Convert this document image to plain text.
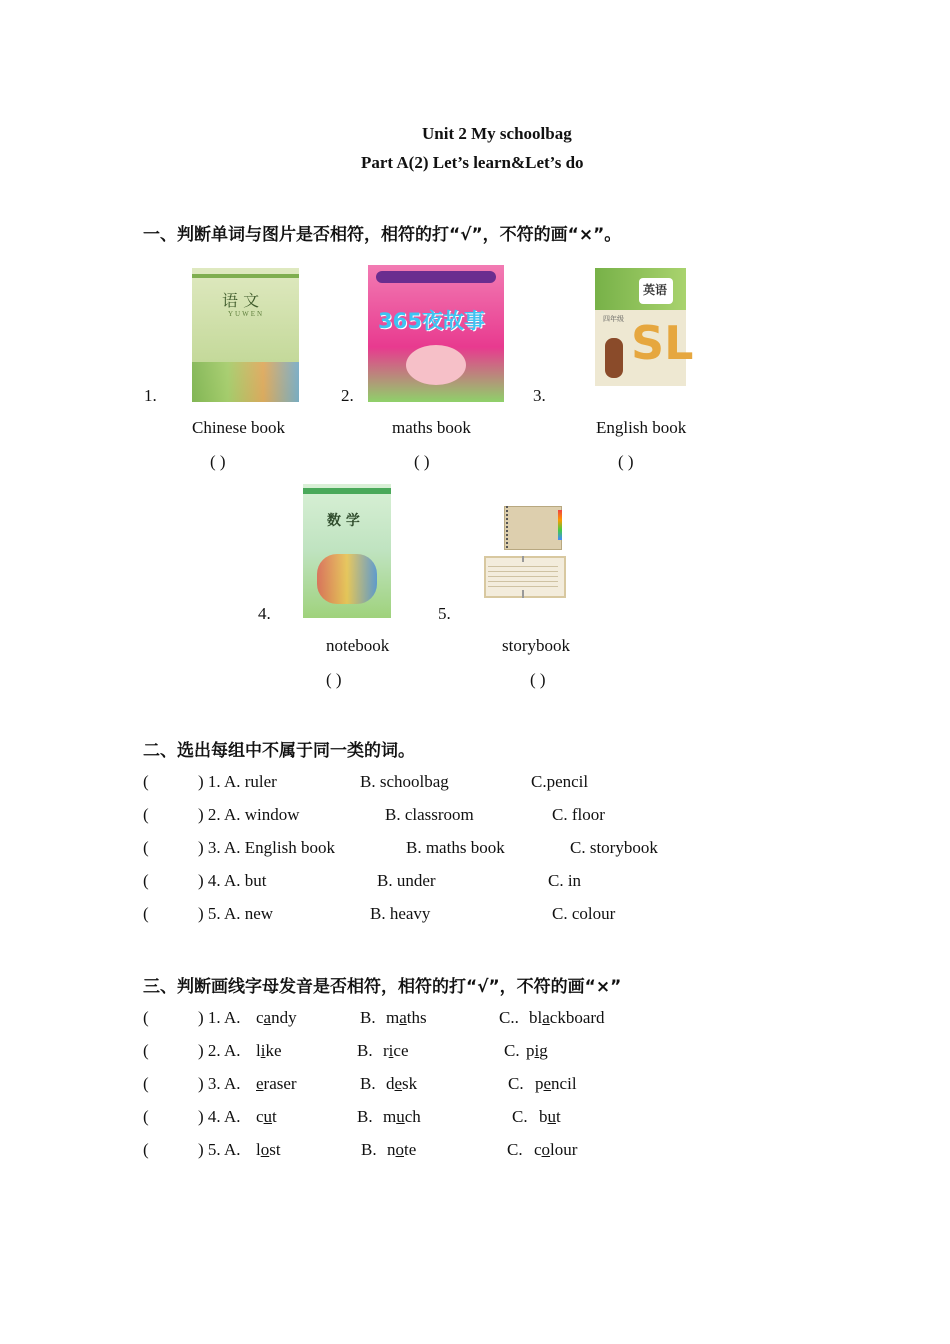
Unit 2 My schoolbag
Part A(2) Let’s learn&Let’s do
一、判断单词与图片是否相符，相符的打“√”，不符的画“×”。
语 文
YUWEN
1.
365夜故事
2.
英语
四年级 SL
3.
Chinese book	maths book	English book
( )	( )	( )
数 学
4.	5.
notebook	storybook
( )	( )
二、选出每组中不属于同一类的词。
(	) 1. A. ruler	B. schoolbag	C.pencil
(	) 2. A. window	B. classroom	C. floor
(	) 3. A. English book	B. maths book	C. storybook
(	) 4. A. but	B. under	C. in
(	) 5. A. new	B. heavy	C. colour
三、判断画线字母发音是否相符，相符的打“√”，不符的画“×”
(	) 1. A. candy	B. maths	C.. blackboard
(	) 2. A. like	B. rice	C. pig
(	) 3. A. eraser	B. desk	C. pencil
(	) 4. A. cut	B. much	C. but
(	) 5. A. lost	B. note	C. colour
